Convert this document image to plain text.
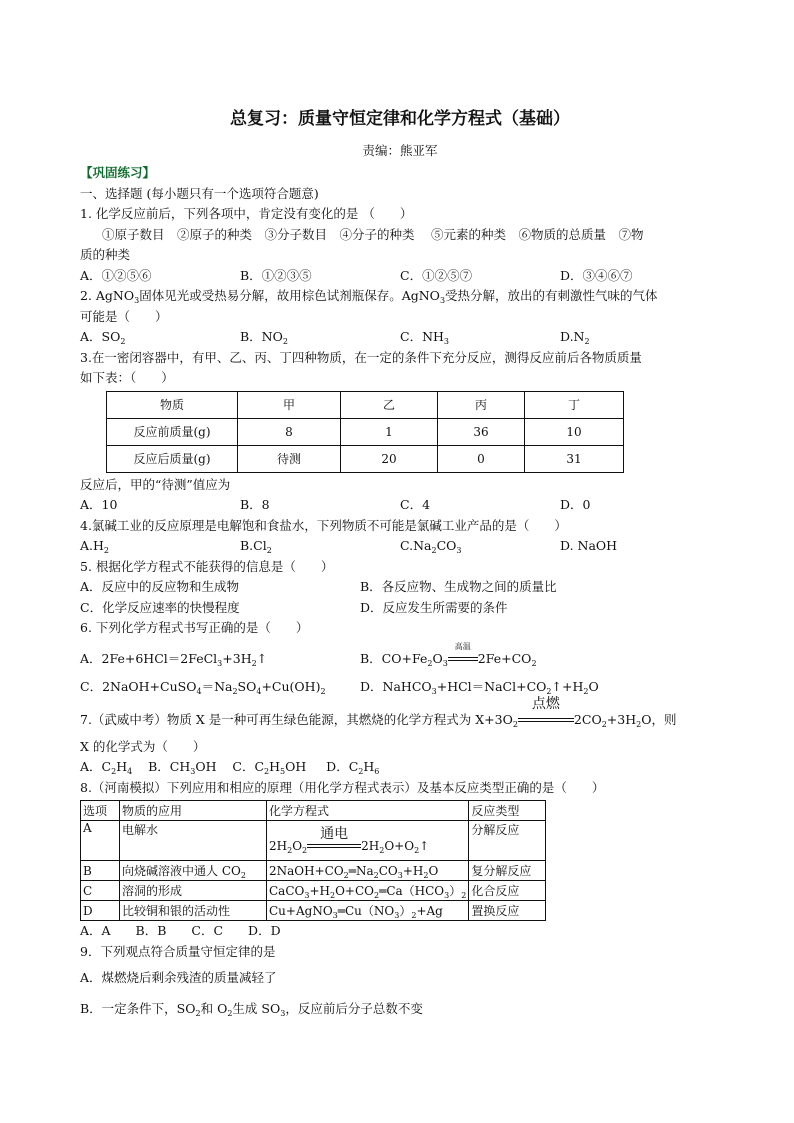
总复习：质量守恒定律和化学方程式（基础）
责编：熊亚军
【巩固练习】
一、选择题 (每小题只有一个选项符合题意)
1. 化学反应前后，下列各项中，肯定没有变化的是 （　　）
①原子数目　②原子的种类　③分子数目　④分子的种类　 ⑤元素的种类　⑥物质的总质量　⑦物
质的种类
A．①②⑤⑥	B．①②③⑤	C．①②⑤⑦	D．③④⑥⑦
2. AgNO$_3$固体见光或受热易分解，故用棕色试剂瓶保存。AgNO$_3$受热分解，放出的有刺激性气味的气体
可能是（　　）
A．$SO_2$	B．$NO_2$	C．$NH_3$	$D.N_2$
3.在一密闭容器中，有甲、乙、丙、丁四种物质，在一定的条件下充分反应，测得反应前后各物质质量
如下表：（　　）
物质	甲	乙	丙	丁
反应前质量(g)	8	1	36	10
反应后质量(g)	待测	20	0	31
反应后，甲的“待测”值应为
A．10	B．8	C．4	D．0
4.氯碱工业的反应原理是电解饱和食盐水，下列物质不可能是氯碱工业产品的是（　　）
$A.H_2$	$B.Cl_2$	$C.Na_2CO_3$	D. NaOH
5. 根据化学方程式不能获得的信息是（　　）
A．反应中的反应物和生成物	B．各反应物、生成物之间的质量比
C．化学反应速率的快慢程度	D．反应发生所需要的条件
6. 下列化学方程式书写正确的是（　　）
A．$2Fe+6HCl=2FeCl_3+3H_2↑$	B．$CO+Fe_2O_3$
高温
$2Fe+CO_2$
C．$2NaOH+CuSO_4=Na_2SO_4+Cu(OH)_2$	D．$NaHCO_3+HCl=NaCl+CO_2↑+H_2O$
7.（武威中考）物质 X 是一种可再生绿色能源，其燃烧的化学方程式为 $X+3O_2$
点燃
$2CO_2+3H_2O$，则
X 的化学式为（　　）
A．$C_2H_4$ B．$CH_3OH$ C．$C_2H_5OH$ D．$C_2H_6$
8.（河南模拟）下列应用和相应的原理（用化学方程式表示）及基本反应类型正确的是（　　）
选项	物质的应用	化学方程式	反应类型
A	电解水	$2H_2O_2$
通电
$2H_2O+O_2↑$	分解反应
B	向烧碱溶液中通人 $CO_2$	$2NaOH+CO_2═Na_2CO_3+H_2O$	复分解反应
C	溶洞的形成	$CaCO_3+H_2O+CO_2═Ca(HCO_3)_2$	化合反应
D	比较铜和银的活动性	$Cu+AgNO_3═Cu(NO_3)_2+Ag$	置换反应
A．A　　B．B　　C．C　　D．D
9．下列观点符合质量守恒定律的是
A．煤燃烧后剩余残渣的质量减轻了
B．一定条件下，$SO_2$和 $O_2$生成 $SO_3$，反应前后分子总数不变
